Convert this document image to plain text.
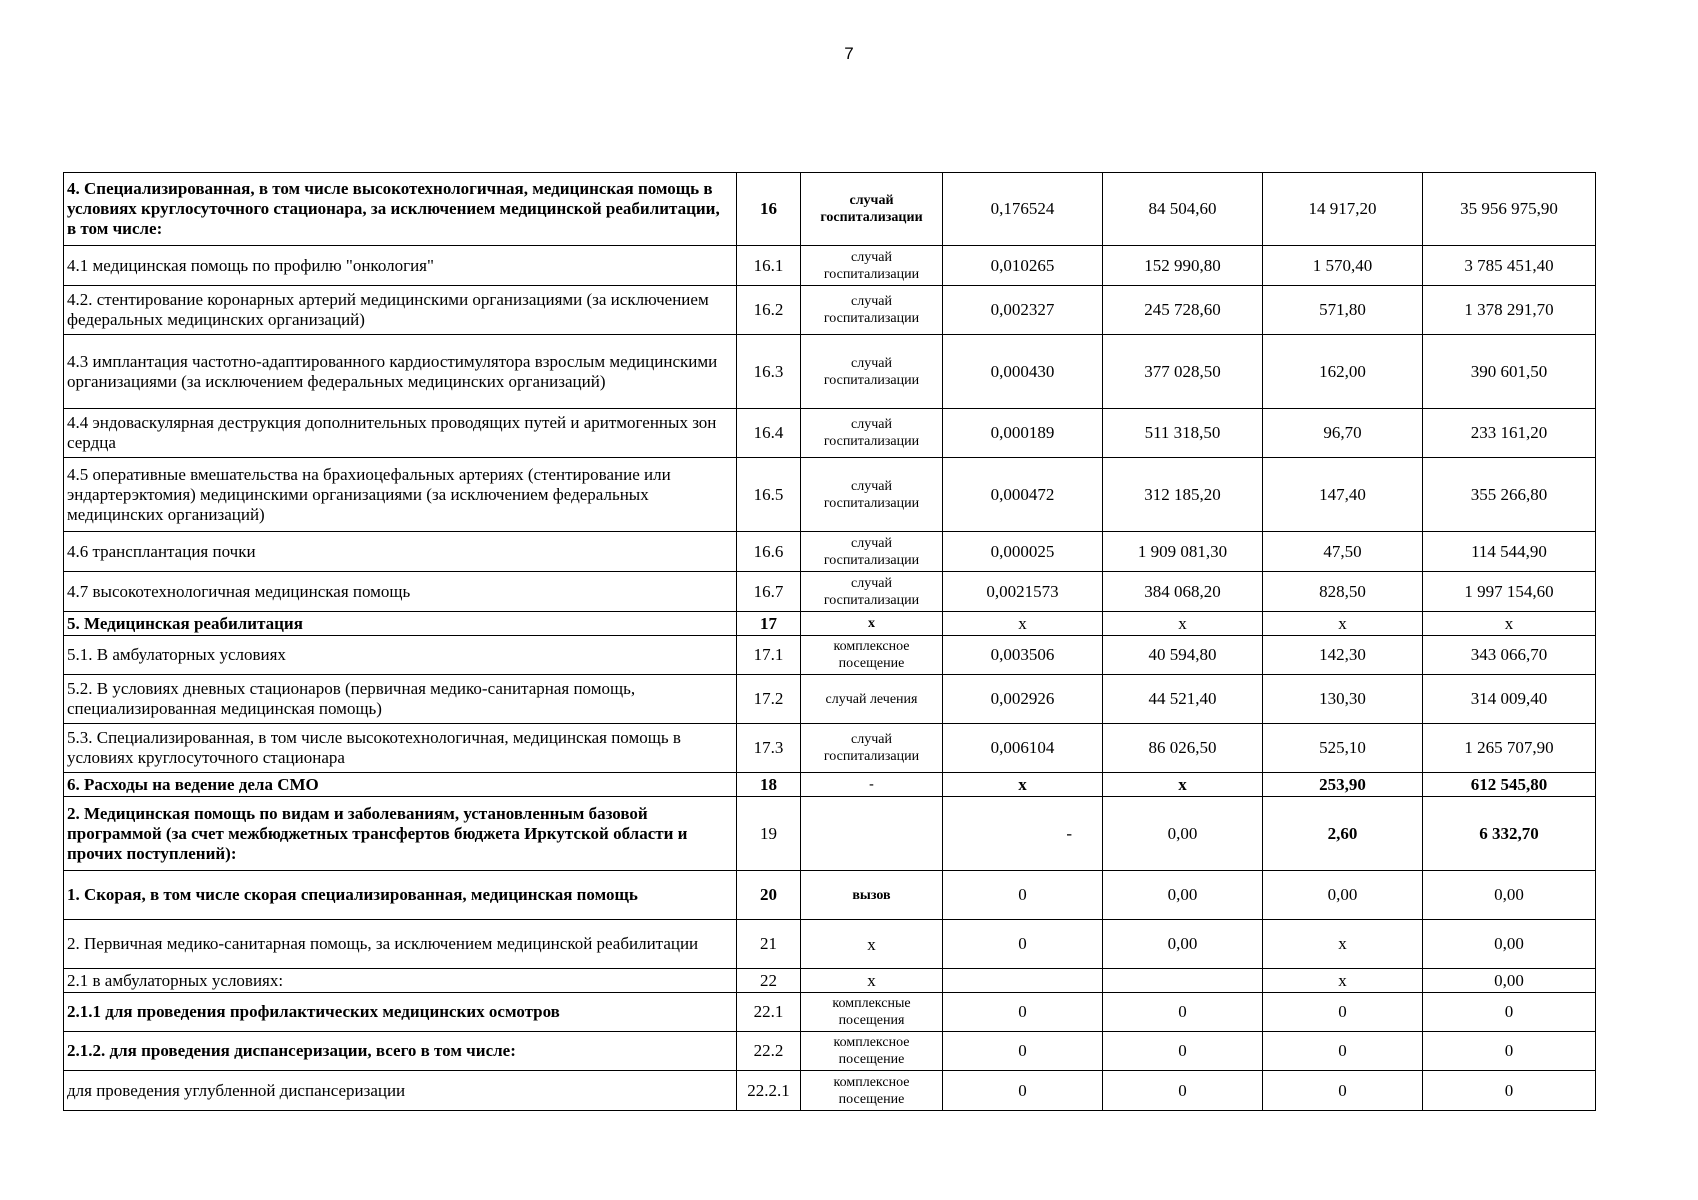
7
4. Специализированная, в том числе высокотехнологичная, медицинская помощь в условиях круглосуточного стационара, за исключением медицинской реабилитации, в том числе:	16	случай госпитализации	0,176524	84 504,60	14 917,20	35 956 975,90
4.1 медицинская помощь по профилю "онкология"	16.1	случай госпитализации	0,010265	152 990,80	1 570,40	3 785 451,40
4.2. стентирование коронарных артерий медицинскими организациями (за исключением федеральных медицинских организаций)	16.2	случай госпитализации	0,002327	245 728,60	571,80	1 378 291,70
4.3 имплантация частотно-адаптированного кардиостимулятора взрослым медицинскими организациями (за исключением федеральных медицинских организаций)	16.3	случай госпитализации	0,000430	377 028,50	162,00	390 601,50
4.4 эндоваскулярная деструкция дополнительных проводящих путей и аритмогенных зон сердца	16.4	случай госпитализации	0,000189	511 318,50	96,70	233 161,20
4.5 оперативные вмешательства на брахиоцефальных артериях (стентирование или эндартерэктомия) медицинскими организациями (за исключением федеральных медицинских организаций)	16.5	случай госпитализации	0,000472	312 185,20	147,40	355 266,80
4.6 трансплантация почки	16.6	случай госпитализации	0,000025	1 909 081,30	47,50	114 544,90
4.7 высокотехнологичная медицинская помощь	16.7	случай госпитализации	0,0021573	384 068,20	828,50	1 997 154,60
5. Медицинская реабилитация	17	х	х	х	х	х
5.1. В амбулаторных условиях	17.1	комплексное посещение	0,003506	40 594,80	142,30	343 066,70
5.2. В условиях дневных стационаров (первичная медико-санитарная помощь, специализированная медицинская помощь)	17.2	случай лечения	0,002926	44 521,40	130,30	314 009,40
5.3. Специализированная, в том числе высокотехнологичная, медицинская помощь в условиях круглосуточного стационара	17.3	случай госпитализации	0,006104	86 026,50	525,10	1 265 707,90
6. Расходы на ведение дела СМО	18	-	х	х	253,90	612 545,80
2. Медицинская помощь по видам и заболеваниям, установленным базовой программой (за счет межбюджетных трансфертов бюджета Иркутской области и прочих поступлений):	19		-	0,00	2,60	6 332,70
1. Скорая, в том числе скорая специализированная, медицинская помощь	20	вызов	0	0,00	0,00	0,00
2. Первичная медико-санитарная помощь, за исключением медицинской реабилитации	21	х	0	0,00	х	0,00
2.1 в амбулаторных условиях:	22	х			х	0,00
2.1.1 для проведения профилактических медицинских осмотров	22.1	комплексные посещения	0	0	0	0
2.1.2. для проведения диспансеризации, всего в том числе:	22.2	комплексное посещение	0	0	0	0
для проведения углубленной диспансеризации	22.2.1	комплексное посещение	0	0	0	0
